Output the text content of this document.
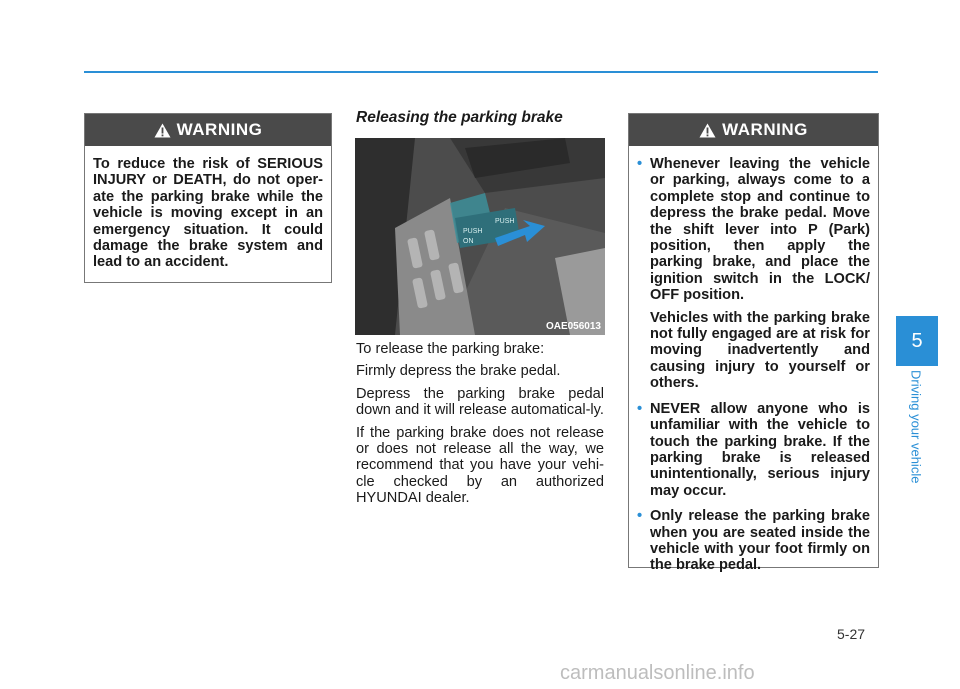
WARNING
To reduce the risk of SERIOUS INJURY or DEATH, do not oper-ate the parking brake while the vehicle is moving except in an emergency situation. It could damage the brake system and lead to an accident.
Releasing the parking brake
PUSH
ON
PUSH
OAE056013

To release the parking brake:

Firmly depress the brake pedal.

Depress the parking brake pedal down and it will release automatical-ly.

If the parking brake does not release or does not release all the way, we recommend that you have your vehi-cle checked by an authorized HYUNDAI dealer.

WARNING
• Whenever leaving the vehicle or parking, always come to a complete stop and continue to depress the brake pedal. Move the shift lever into P (Park) position, then apply the parking brake, and place the ignition switch in the LOCK/ OFF position.
Vehicles with the parking brake not fully engaged are at risk for moving inadvertently and causing injury to yourself or others.
• NEVER allow anyone who is unfamiliar with the vehicle to touch the parking brake. If the parking brake is released unintentionally, serious injury may occur.
• Only release the parking brake when you are seated inside the vehicle with your foot firmly on the brake pedal.
5
Driving your vehicle
5-27
carmanualsonline.info
